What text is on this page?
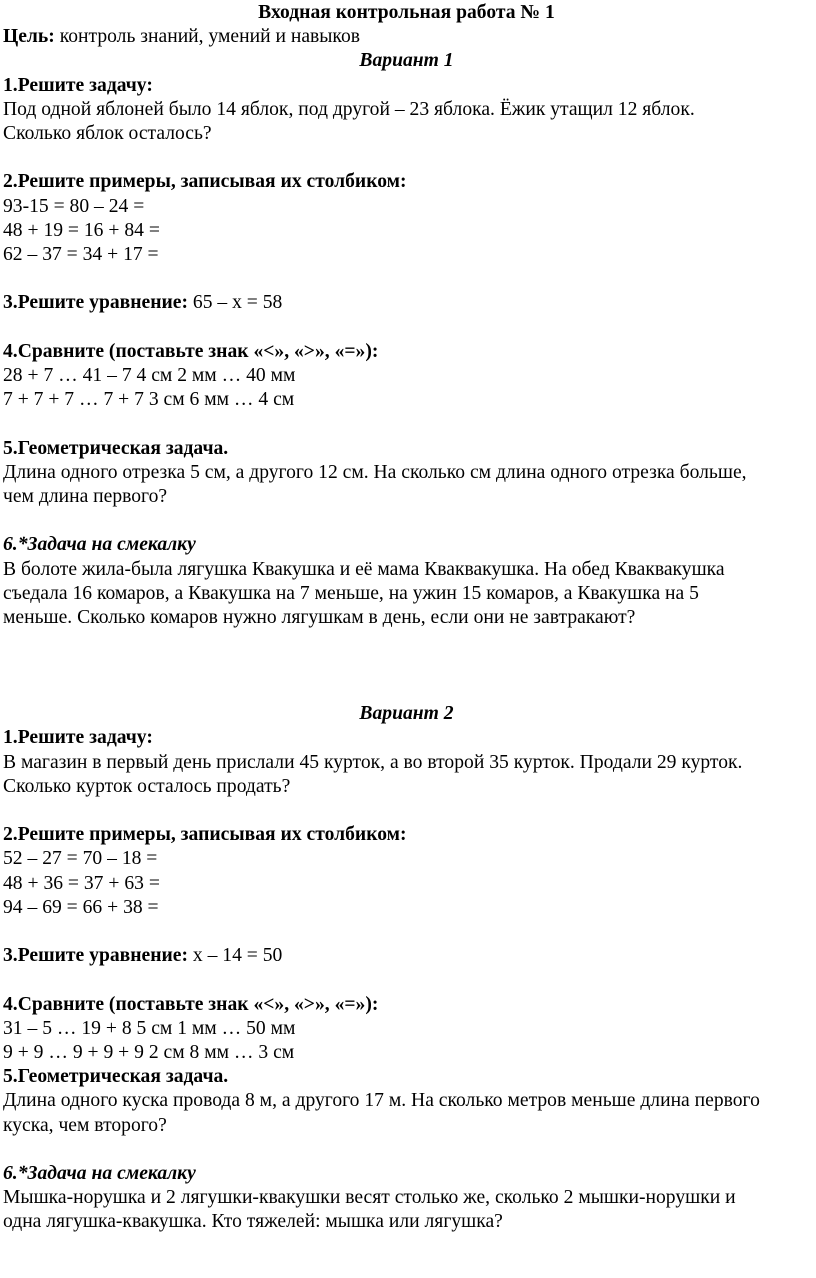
Входная контрольная работа № 1
Цель: контроль знаний, умений и навыков
Вариант 1
1.Решите задачу:
Под одной яблоней было 14 яблок, под другой – 23 яблока. Ёжик утащил 12 яблок.
Сколько яблок осталось?
2.Решите примеры, записывая их столбиком:
93-15 = 80 – 24 =
48 + 19 = 16 + 84 =
62 – 37 = 34 + 17 =
3.Решите уравнение: 65 – х = 58
4.Сравните (поставьте знак «<», «>», «=»):
28 + 7 … 41 – 7 4 см 2 мм … 40 мм
7 + 7 + 7 … 7 + 7 3 см 6 мм … 4 см
5.Геометрическая задача.
Длина одного отрезка 5 см, а другого 12 см. На сколько см длина одного отрезка больше,
чем длина первого?
6.*Задача на смекалку
В болоте жила-была лягушка Квакушка и её мама Кваквакушка. На обед Кваквакушка
съедала 16 комаров, а Квакушка на 7 меньше, на ужин 15 комаров, а Квакушка на 5
меньше. Сколько комаров нужно лягушкам в день, если они не завтракают?
Вариант 2
1.Решите задачу:
В магазин в первый день прислали 45 курток, а во второй 35 курток. Продали 29 курток.
Сколько курток осталось продать?
2.Решите примеры, записывая их столбиком:
52 – 27 = 70 – 18 =
48 + 36 = 37 + 63 =
94 – 69 = 66 + 38 =
3.Решите уравнение: х – 14 = 50
4.Сравните (поставьте знак «<», «>», «=»):
31 – 5 … 19 + 8 5 см 1 мм … 50 мм
9 + 9 … 9 + 9 + 9 2 см 8 мм … 3 см
5.Геометрическая задача.
Длина одного куска провода 8 м, а другого 17 м. На сколько метров меньше длина первого
куска, чем второго?
6.*Задача на смекалку
Мышка-норушка и 2 лягушки-квакушки весят столько же, сколько 2 мышки-норушки и
одна лягушка-квакушка. Кто тяжелей: мышка или лягушка?
